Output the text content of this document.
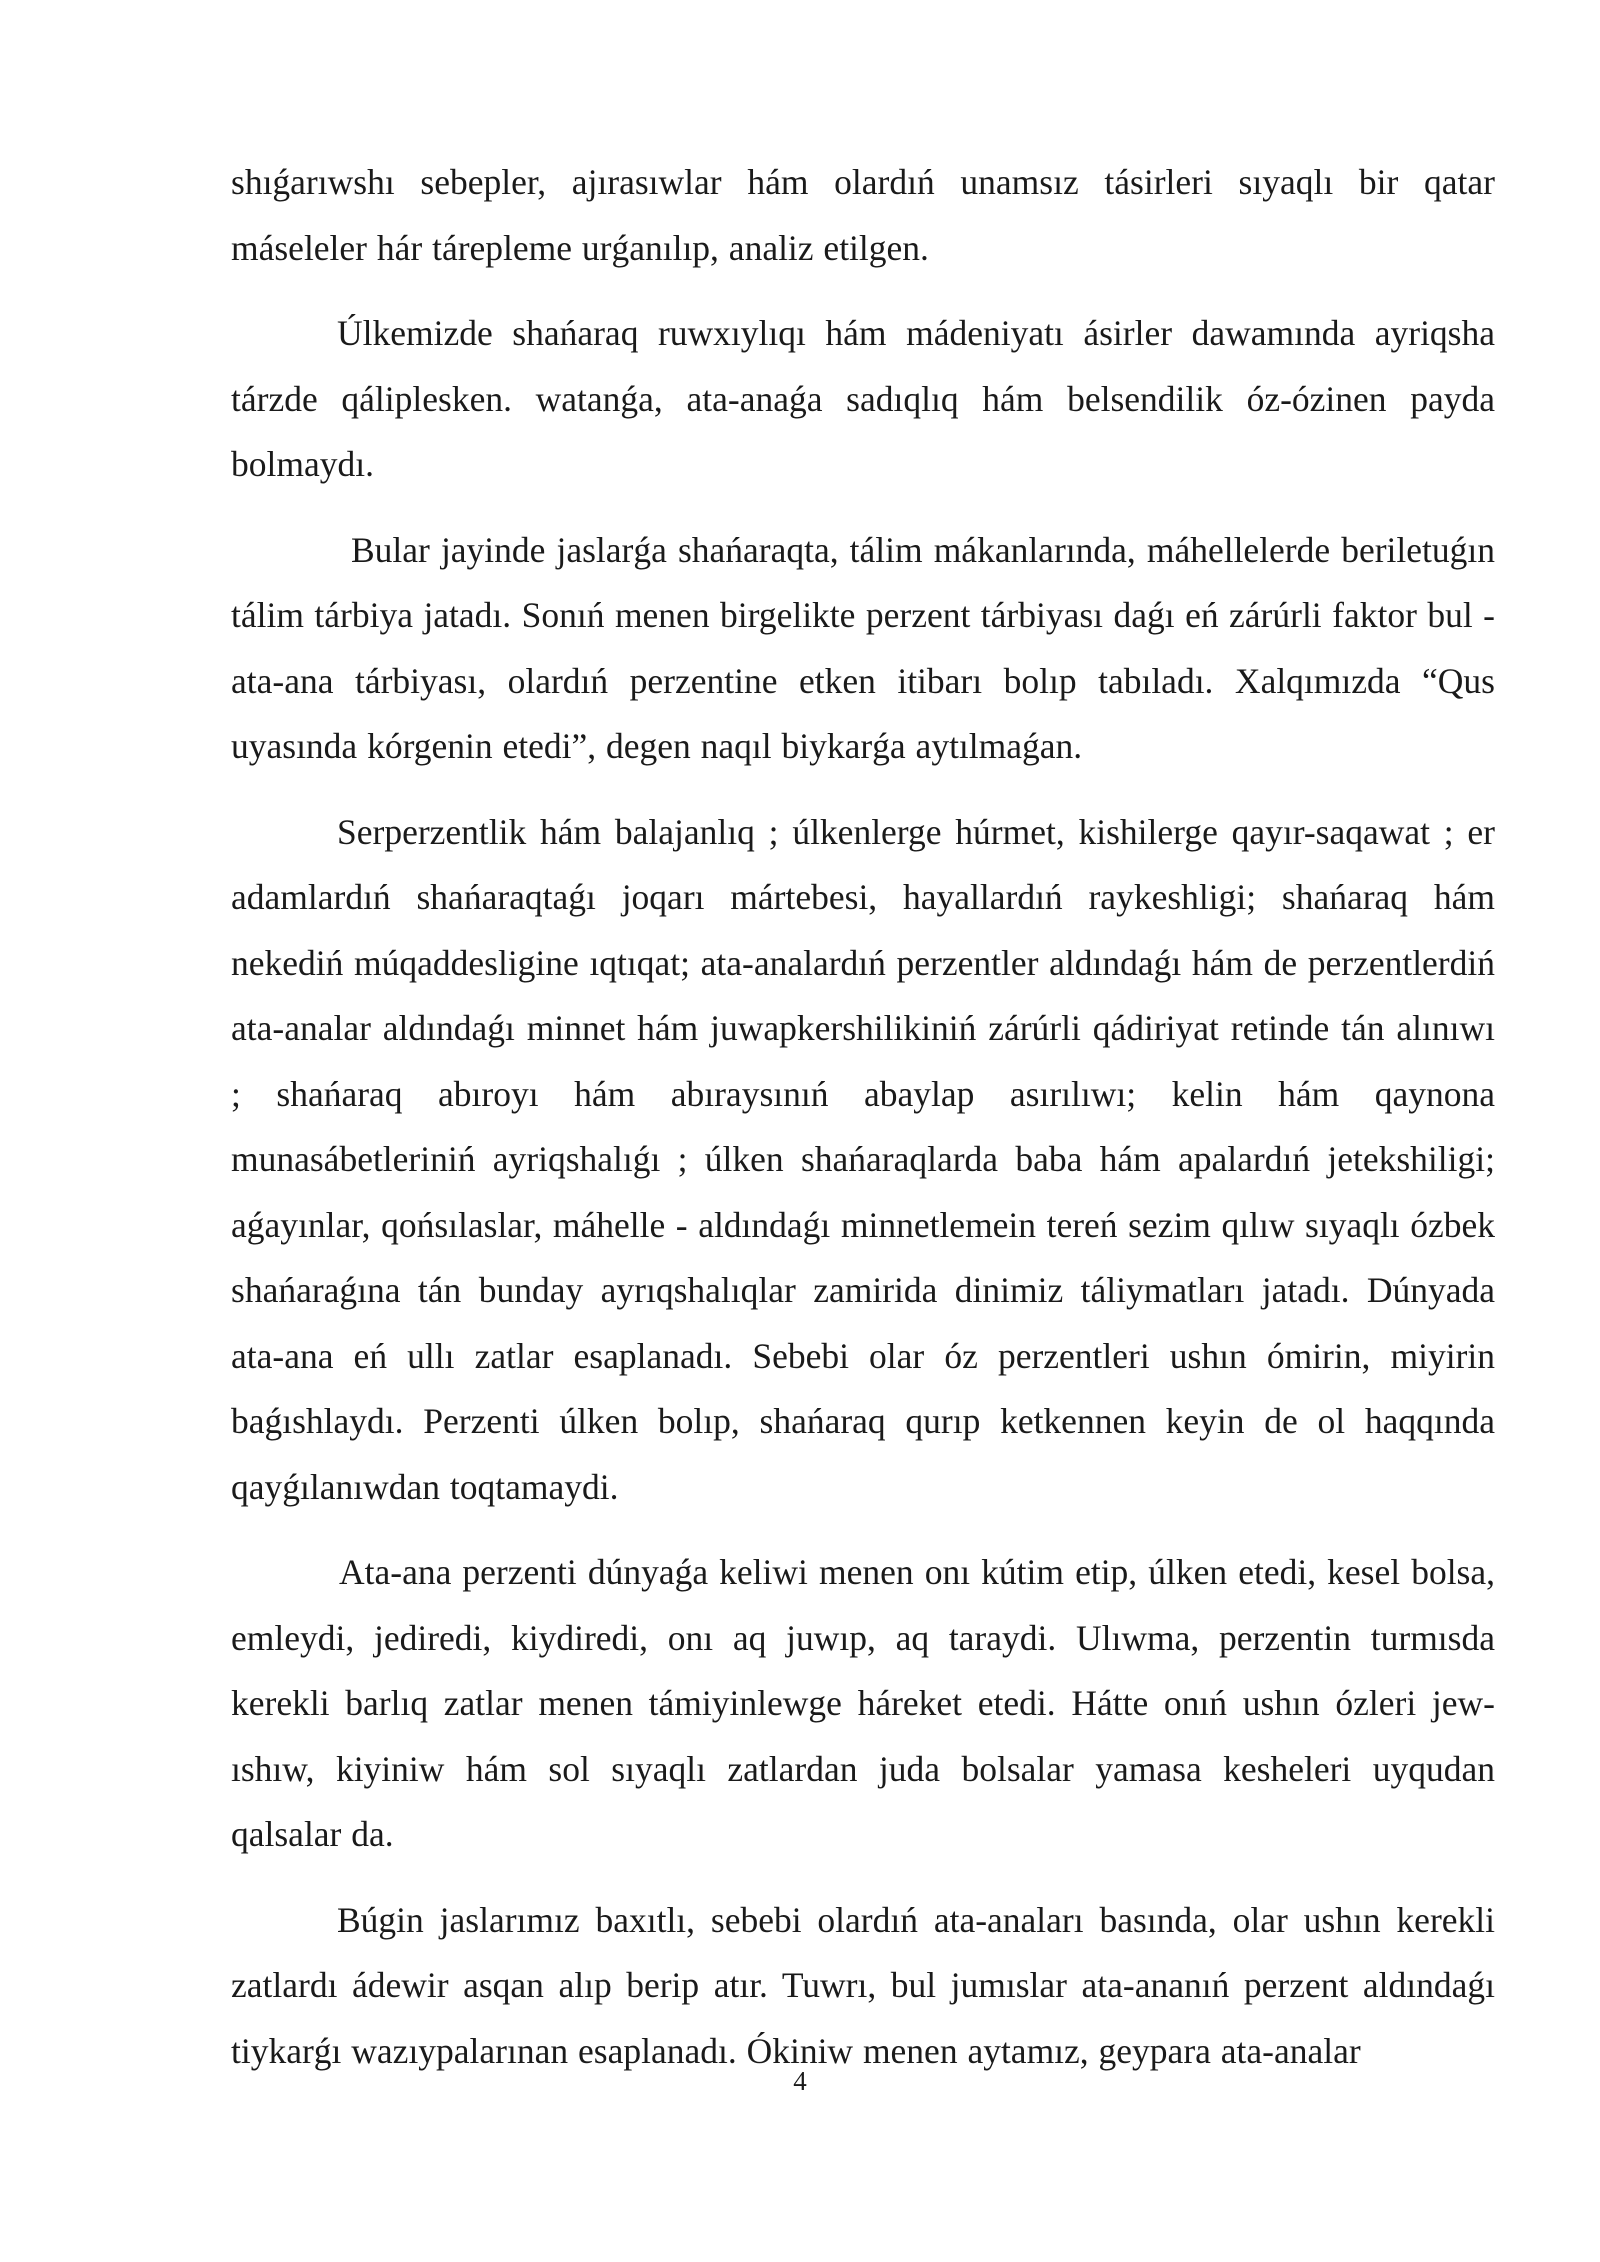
shıǵarıwshı sebepler, ajırasıwlar hám olardıń unamsız tásirleri sıyaqlı bir qatar máseleler hár tárepleme urǵanılıp, analiz etilgen.

Úlkemizde shańaraq ruwxıylıqı hám mádeniyatı ásirler dawamında ayriqsha tárzde qáliplesken. watanǵa, ata-anaǵa sadıqlıq hám belsendilik óz-ózinen payda bolmaydı.

Bular jayinde jaslarǵa shańaraqta, tálim mákanlarında, máhellelerde beriletuǵın tálim tárbiya jatadı. Sonıń menen birgelikte perzent tárbiyası daǵı eń zárúrli faktor bul - ata-ana tárbiyası, olardıń perzentine etken itibarı bolıp tabıladı. Xalqımızda “Qus uyasında kórgenin etedi”, degen naqıl biykarǵa aytılmaǵan.

Serperzentlik hám balajanlıq ; úlkenlerge húrmet, kishilerge qayır-saqawat ; er adamlardıń shańaraqtaǵı joqarı mártebesi, hayallardıń raykeshligi; shańaraq hám nekediń múqaddesligine ıqtıqat; ata-analardıń perzentler aldındaǵı hám de perzentlerdiń ata-analar aldındaǵı minnet hám juwapkershilikiniń zárúrli qádiriyat retinde tán alınıwı ; shańaraq abıroyı hám abıraysınıń abaylap asırılıwı; kelin hám qaynona munasábetleriniń ayriqshalıǵı ; úlken shańaraqlarda baba hám apalardıń jetekshiligi; aǵayınlar, qońsılaslar, máhelle - aldındaǵı minnetlemein tereń sezim qılıw sıyaqlı ózbek shańaraǵına tán bunday ayrıqshalıqlar zamirida dinimiz táliymatları jatadı. Dúnyada ata-ana eń ullı zatlar esaplanadı. Sebebi olar óz perzentleri ushın ómirin, miyirin baǵıshlaydı. Perzenti úlken bolıp, shańaraq qurıp ketkennen keyin de ol haqqında qayǵılanıwdan toqtamaydi.

Ata-ana perzenti dúnyaǵa keliwi menen onı kútim etip, úlken etedi, kesel bolsa, emleydi, jediredi, kiydiredi, onı aq juwıp, aq taraydi. Ulıwma, perzentin turmısda kerekli barlıq zatlar menen támiyinlewge háreket etedi. Hátte onıń ushın ózleri jew-ıshıw, kiyiniw hám sol sıyaqlı zatlardan juda bolsalar yamasa kesheleri uyqudan qalsalar da.

Búgin jaslarımız baxıtlı, sebebi olardıń ata-anaları basında, olar ushın kerekli zatlardı ádewir asqan alıp berip atır. Tuwrı, bul jumıslar ata-ananıń perzent aldındaǵı tiykarǵı wazıypalarınan esaplanadı. Ókiniw menen aytamız, geypara ata-analar

4
